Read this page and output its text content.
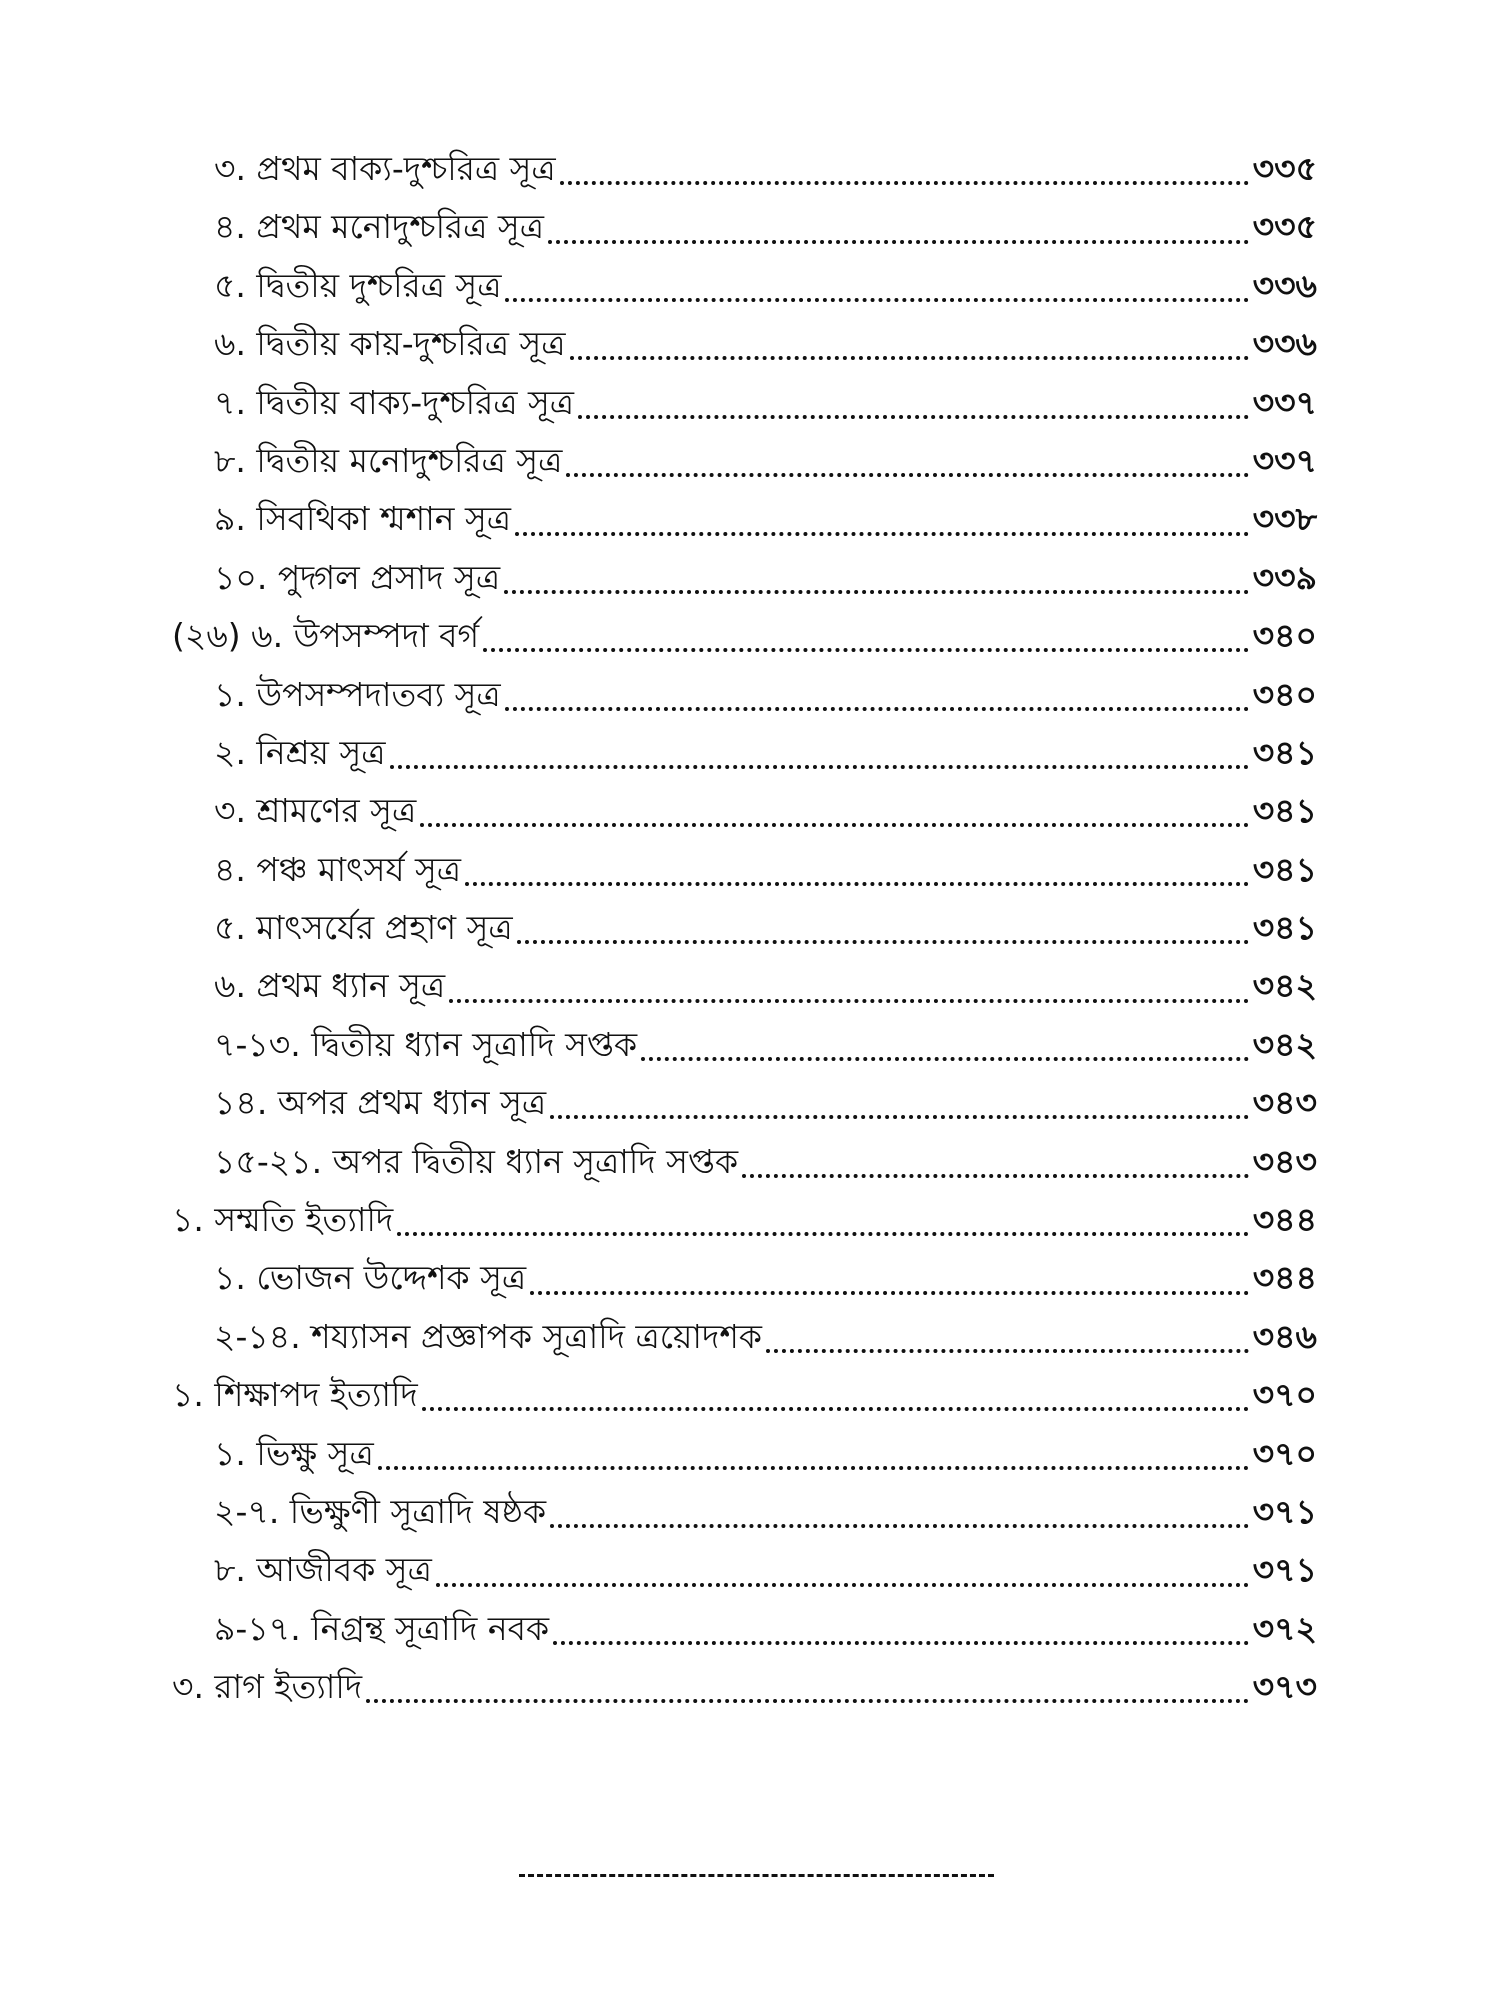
৩. প্রথম বাক্য-দুশ্চরিত্র সূত্র	৩৩৫
৪. প্রথম মনোদুশ্চরিত্র সূত্র	৩৩৫
৫. দ্বিতীয় দুশ্চরিত্র সূত্র	৩৩৬
৬. দ্বিতীয় কায়-দুশ্চরিত্র সূত্র	৩৩৬
৭. দ্বিতীয় বাক্য-দুশ্চরিত্র সূত্র	৩৩৭
৮. দ্বিতীয় মনোদুশ্চরিত্র সূত্র	৩৩৭
৯. সিবথিকা শ্মশান সূত্র	৩৩৮
১০. পুদ্গল প্রসাদ সূত্র	৩৩৯
(২৬) ৬. উপসম্পদা বর্গ	৩৪০
১. উপসম্পদাতব্য সূত্র	৩৪০
২. নিশ্রয় সূত্র	৩৪১
৩. শ্রামণের সূত্র	৩৪১
৪. পঞ্চ মাৎসর্য সূত্র	৩৪১
৫. মাৎসর্যের প্রহাণ সূত্র	৩৪১
৬. প্রথম ধ্যান সূত্র	৩৪২
৭-১৩. দ্বিতীয় ধ্যান সূত্রাদি সপ্তক	৩৪২
১৪. অপর প্রথম ধ্যান সূত্র	৩৪৩
১৫-২১. অপর দ্বিতীয় ধ্যান সূত্রাদি সপ্তক	৩৪৩
১. সম্মতি ইত্যাদি	৩৪৪
১. ভোজন উদ্দেশক সূত্র	৩৪৪
২-১৪. শয্যাসন প্রজ্ঞাপক সূত্রাদি ত্রয়োদশক	৩৪৬
১. শিক্ষাপদ ইত্যাদি	৩৭০
১. ভিক্ষু সূত্র	৩৭০
২-৭. ভিক্ষুণী সূত্রাদি ষষ্ঠক	৩৭১
৮. আজীবক সূত্র	৩৭১
৯-১৭. নিগ্রন্থ সূত্রাদি নবক	৩৭২
৩. রাগ ইত্যাদি	৩৭৩
